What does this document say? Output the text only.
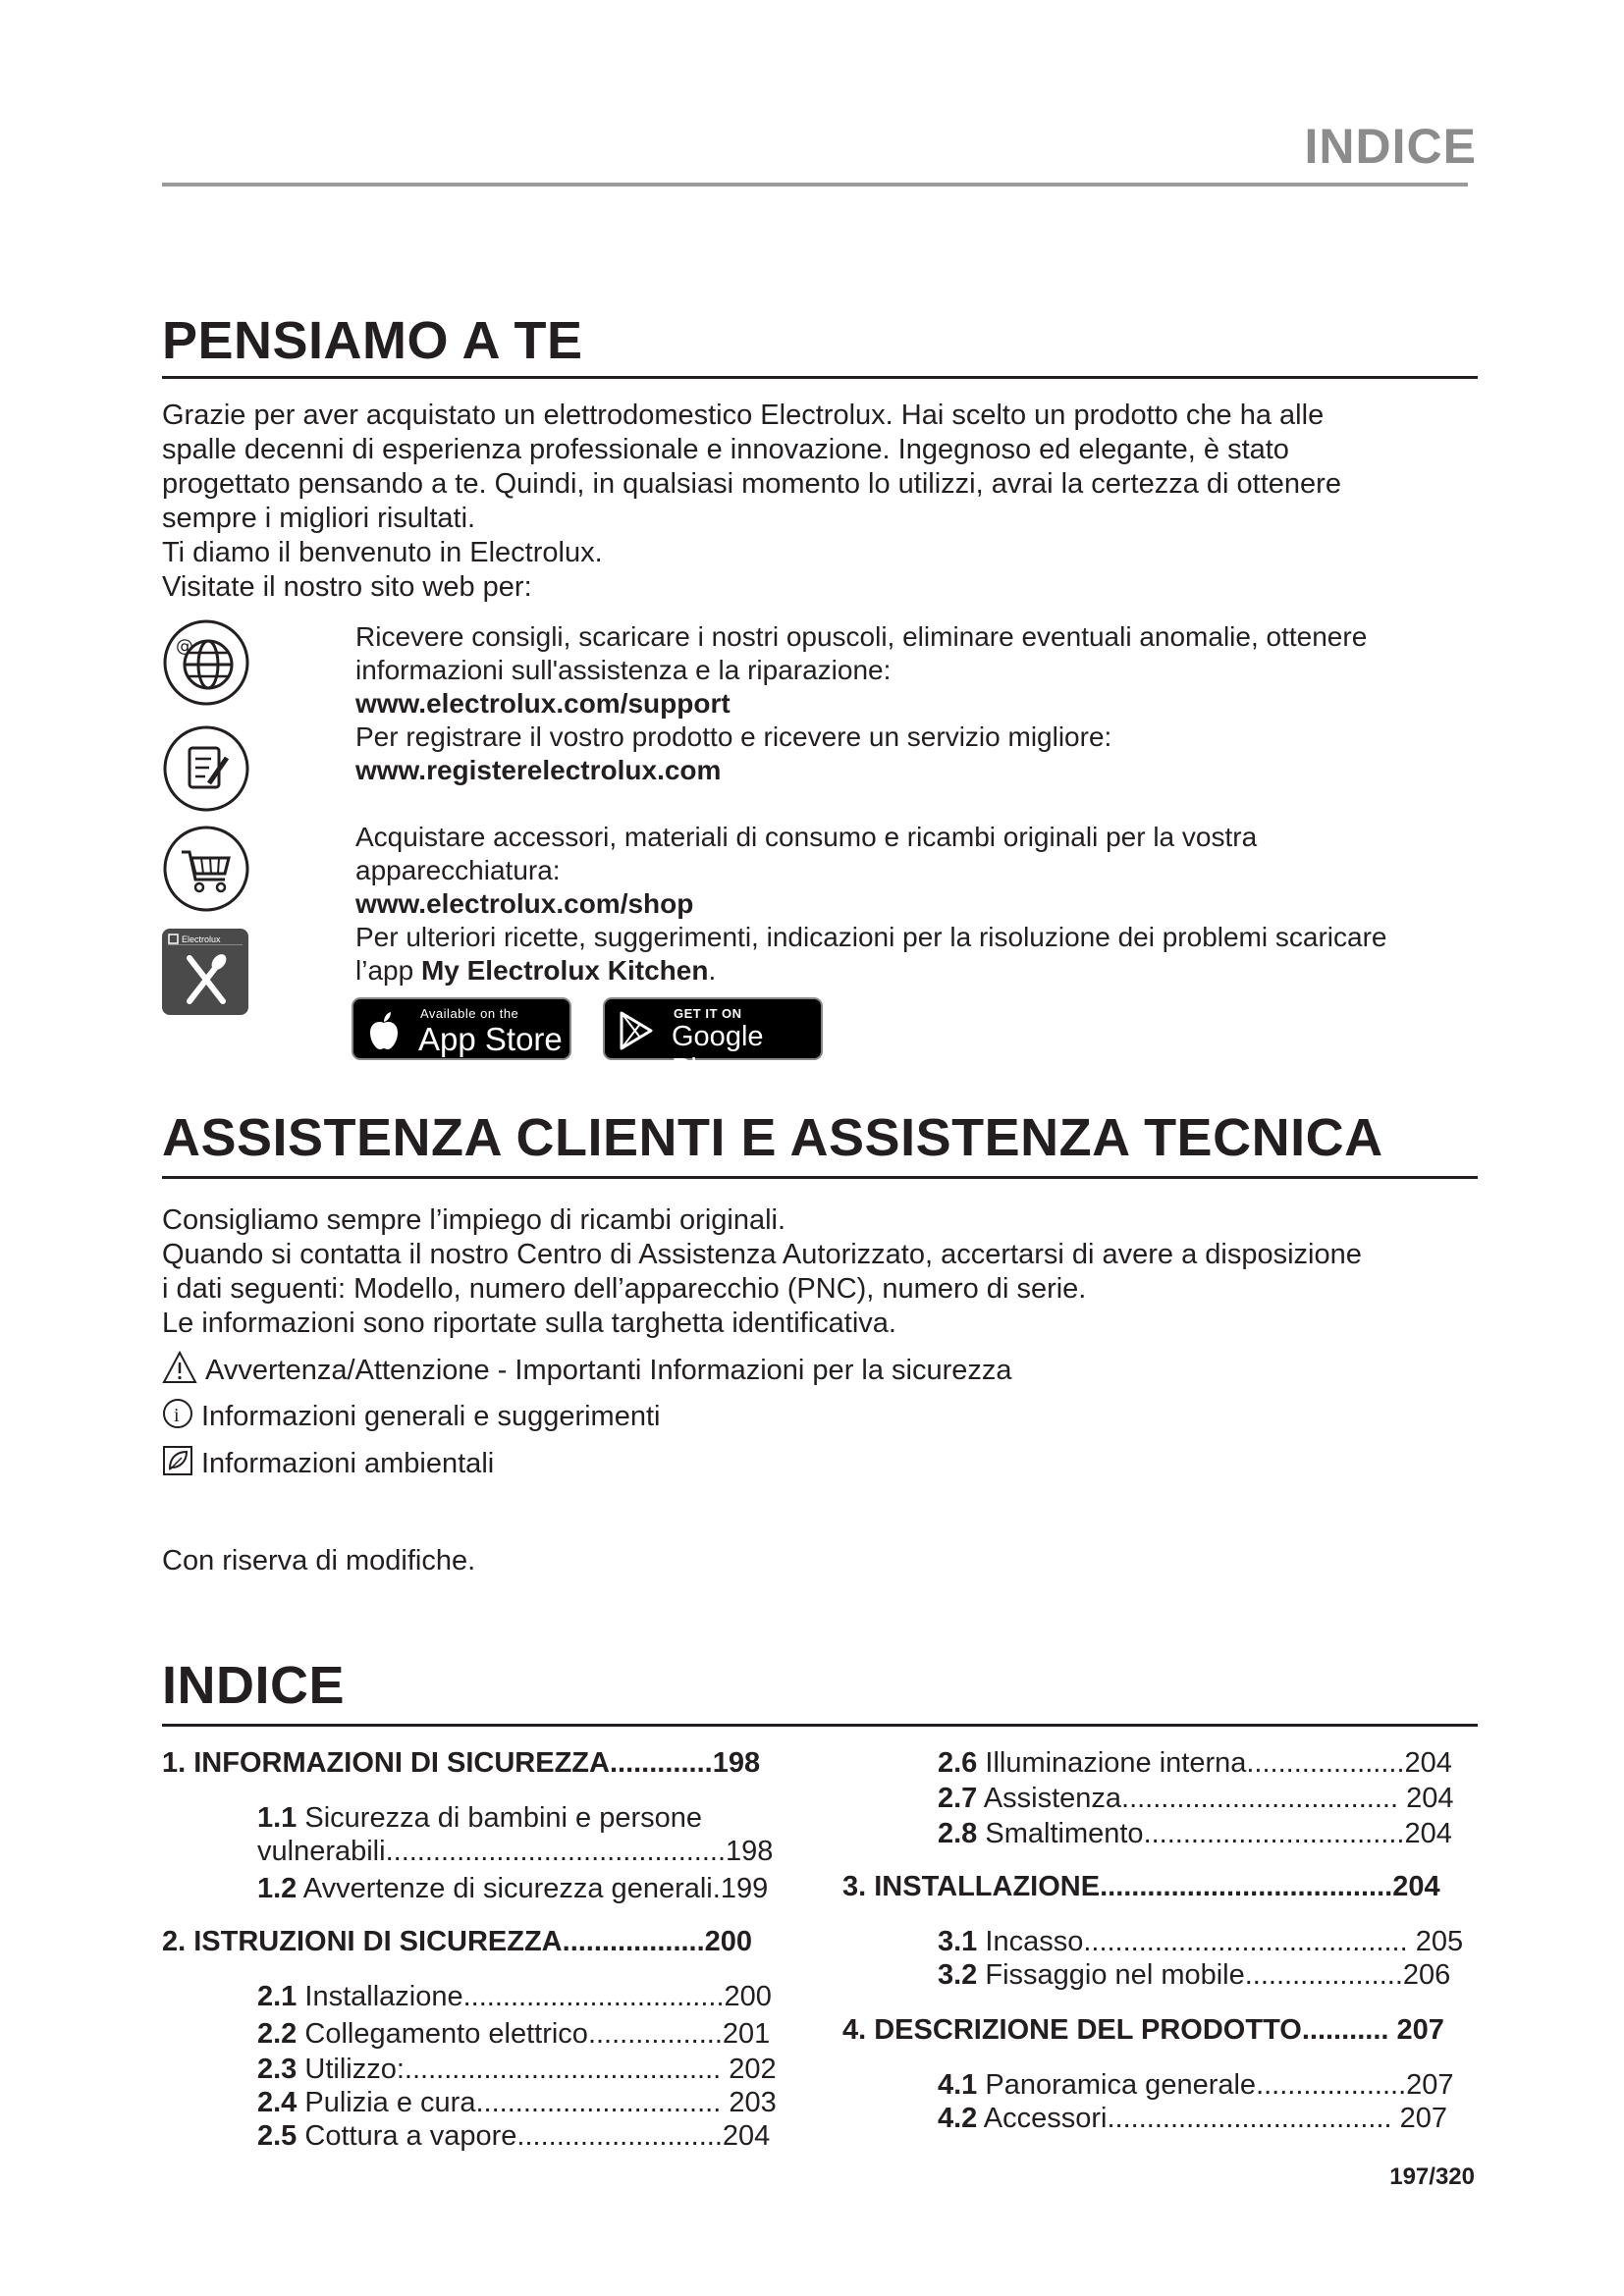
INDICE
PENSIAMO A TE

Grazie per aver acquistato un elettrodomestico Electrolux. Hai scelto un prodotto che ha alle

spalle decenni di esperienza professionale e innovazione. Ingegnoso ed elegante, è stato

progettato pensando a te. Quindi, in qualsiasi momento lo utilizzi, avrai la certezza di ottenere

sempre i migliori risultati.

Ti diamo il benvenuto in Electrolux.

Visitate il nostro sito web per:

@	Ricevere consigli, scaricare i nostri opuscoli, eliminare eventuali anomalie, ottenere

informazioni sull'assistenza e la riparazione:

www.electrolux.com/support

Per registrare il vostro prodotto e ricevere un servizio migliore:

www.registerelectrolux.com

Acquistare accessori, materiali di consumo e ricambi originali per la vostra

apparecchiatura:

www.electrolux.com/shop

Per ulteriori ricette, suggerimenti, indicazioni per la risoluzione dei problemi scaricare

l’app My Electrolux Kitchen.

Electrolux
Available on the
App Store
GET IT ON
Google Play
ASSISTENZA CLIENTI E ASSISTENZA TECNICA

Consigliamo sempre l’impiego di ricambi originali.

Quando si contatta il nostro Centro di Assistenza Autorizzato, accertarsi di avere a disposizione

i dati seguenti: Modello, numero dell’apparecchio (PNC), numero di serie.

Le informazioni sono riportate sulla targhetta identificativa.

Avvertenza/Attenzione - Importanti Informazioni per la sicurezza
i Informazioni generali e suggerimenti
Informazioni ambientali
Con riserva di modifiche.
INDICE
1. INFORMAZIONI DI SICUREZZA.............198
1.1 Sicurezza di bambini e persone
vulnerabili...........................................198
1.2 Avvertenze di sicurezza generali.199
2. ISTRUZIONI DI SICUREZZA..................200
2.1 Installazione.................................200
2.2 Collegamento elettrico.................201
2.3 Utilizzo:........................................ 202
2.4 Pulizia e cura............................... 203
2.5 Cottura a vapore..........................204
2.6 Illuminazione interna....................204
2.7 Assistenza................................... 204
2.8 Smaltimento.................................204
3. INSTALLAZIONE.....................................204
3.1 Incasso......................................... 205
3.2 Fissaggio nel mobile....................206
4. DESCRIZIONE DEL PRODOTTO........... 207
4.1 Panoramica generale...................207
4.2 Accessori.................................... 207
197/320
